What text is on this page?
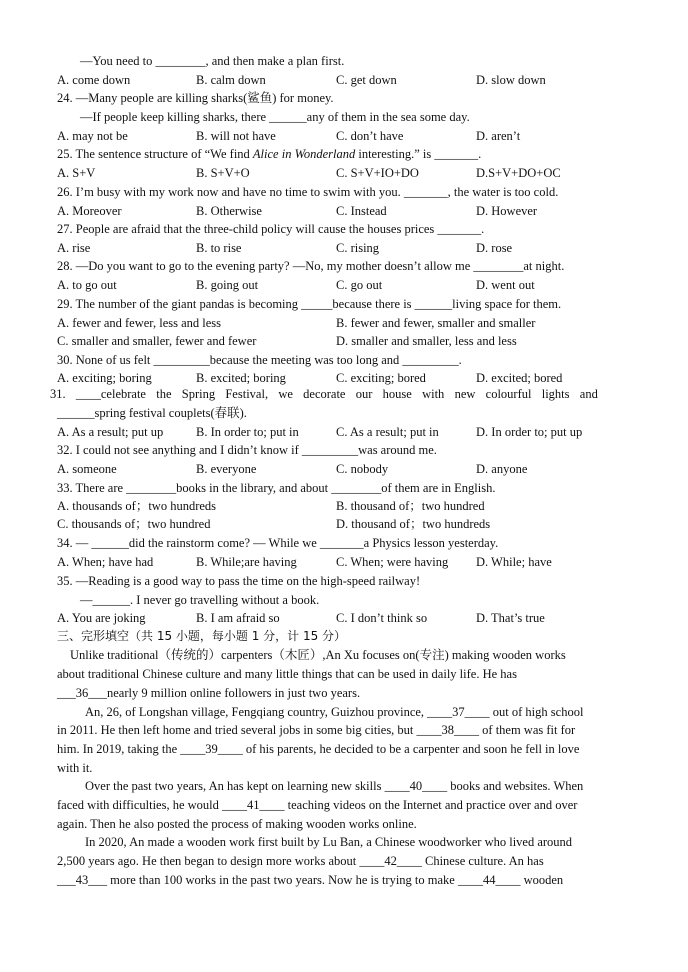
—You need to ________, and then make a plan first.
A. come down	B. calm down	C. get down	D. slow down
24. —Many people are killing sharks(鲨鱼) for money.
—If people keep killing sharks, there ______any of them in the sea some day.
A. may not be	B. will not have	C. don’t have	D. aren’t
25. The sentence structure of “We find Alice in Wonderland interesting.” is _______.
A. S+V	B. S+V+O	C. S+V+IO+DO	D.S+V+DO+OC
26. I’m busy with my work now and have no time to swim with you. _______, the water is too cold.
A. Moreover	B. Otherwise	C. Instead	D. However
27. People are afraid that the three-child policy will cause the houses prices _______.
A. rise	B. to rise	C. rising	D. rose
28. —Do you want to go to the evening party? —No, my mother doesn’t allow me ________at night.
A. to go out	B. going out	C. go out	D. went out
29. The number of the giant pandas is becoming _____because there is ______living space for them.
A. fewer and fewer, less and less	B. fewer and fewer, smaller and smaller
C. smaller and smaller, fewer and fewer	D. smaller and smaller, less and less
30. None of us felt _________because the meeting was too long and _________.
A. exciting; boring	B. excited; boring	C. exciting; bored	D. excited; bored
31. ____celebrate the Spring Festival, we decorate our house with new colourful lights and
______spring festival couplets(春联).
A. As a result; put up	B. In order to; put in	C. As a result; put in	D. In order to; put up
32. I could not see anything and I didn’t know if _________was around me.
A. someone	B. everyone	C. nobody	D. anyone
33. There are ________books in the library, and about ________of them are in English.
A. thousands of；two hundreds	B. thousand of；two hundred
C. thousands of；two hundred	D. thousand of；two hundreds
34. — ______did the rainstorm come? — While we _______a Physics lesson yesterday.
A. When; have had	B. While;are having	C. When; were having D. While; have
35. —Reading is a good way to pass the time on the high-speed railway!
—______. I never go travelling without a book.
A. You are joking	B. I am afraid so	C. I don’t think so	D. That’s true
三、完形填空（共 15 小题，每小题 1 分，计 15 分）
Unlike traditional（传统的）carpenters（木匠）,An Xu focuses on(专注) making wooden works
about traditional Chinese culture and many little things that can be used in daily life. He has
___36___nearly 9 million online followers in just two years.
An, 26, of Longshan village, Fengqiang country, Guizhou province, ____37____ out of high school
in 2011. He then left home and tried several jobs in some big cities, but ____38____ of them was fit for
him. In 2019, taking the ____39____ of his parents, he decided to be a carpenter and soon he fell in love
with it.
Over the past two years, An has kept on learning new skills ____40____ books and websites. When
faced with difficulties, he would ____41____ teaching videos on the Internet and practice over and over
again. Then he also posted the process of making wooden works online.
In 2020, An made a wooden work first built by Lu Ban, a Chinese woodworker who lived around
2,500 years ago. He then began to design more works about ____42____ Chinese culture. An has
___43___ more than 100 works in the past two years. Now he is trying to make ____44____ wooden
